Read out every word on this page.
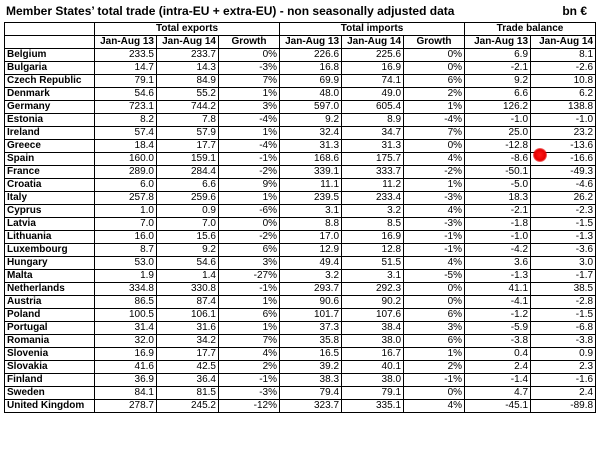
Member States’ total trade (intra-EU + extra-EU) - non seasonally adjusted data	bn €
	Total exports			Total imports			Trade balance	
	Jan-Aug 13	Jan-Aug 14	Growth	Jan-Aug 13	Jan-Aug 14	Growth	Jan-Aug 13	Jan-Aug 14
Belgium	233.5	233.7	0%	226.6	225.6	0%	6.9	8.1
Bulgaria	14.7	14.3	-3%	16.8	16.9	0%	-2.1	-2.6
Czech Republic	79.1	84.9	7%	69.9	74.1	6%	9.2	10.8
Denmark	54.6	55.2	1%	48.0	49.0	2%	6.6	6.2
Germany	723.1	744.2	3%	597.0	605.4	1%	126.2	138.8
Estonia	8.2	7.8	-4%	9.2	8.9	-4%	-1.0	-1.0
Ireland	57.4	57.9	1%	32.4	34.7	7%	25.0	23.2
Greece	18.4	17.7	-4%	31.3	31.3	0%	-12.8	-13.6
Spain	160.0	159.1	-1%	168.6	175.7	4%	-8.6	-16.6
France	289.0	284.4	-2%	339.1	333.7	-2%	-50.1	-49.3
Croatia	6.0	6.6	9%	11.1	11.2	1%	-5.0	-4.6
Italy	257.8	259.6	1%	239.5	233.4	-3%	18.3	26.2
Cyprus	1.0	0.9	-6%	3.1	3.2	4%	-2.1	-2.3
Latvia	7.0	7.0	0%	8.8	8.5	-3%	-1.8	-1.5
Lithuania	16.0	15.6	-2%	17.0	16.9	-1%	-1.0	-1.3
Luxembourg	8.7	9.2	6%	12.9	12.8	-1%	-4.2	-3.6
Hungary	53.0	54.6	3%	49.4	51.5	4%	3.6	3.0
Malta	1.9	1.4	-27%	3.2	3.1	-5%	-1.3	-1.7
Netherlands	334.8	330.8	-1%	293.7	292.3	0%	41.1	38.5
Austria	86.5	87.4	1%	90.6	90.2	0%	-4.1	-2.8
Poland	100.5	106.1	6%	101.7	107.6	6%	-1.2	-1.5
Portugal	31.4	31.6	1%	37.3	38.4	3%	-5.9	-6.8
Romania	32.0	34.2	7%	35.8	38.0	6%	-3.8	-3.8
Slovenia	16.9	17.7	4%	16.5	16.7	1%	0.4	0.9
Slovakia	41.6	42.5	2%	39.2	40.1	2%	2.4	2.3
Finland	36.9	36.4	-1%	38.3	38.0	-1%	-1.4	-1.6
Sweden	84.1	81.5	-3%	79.4	79.1	0%	4.7	2.4
United Kingdom	278.7	245.2	-12%	323.7	335.1	4%	-45.1	-89.8
